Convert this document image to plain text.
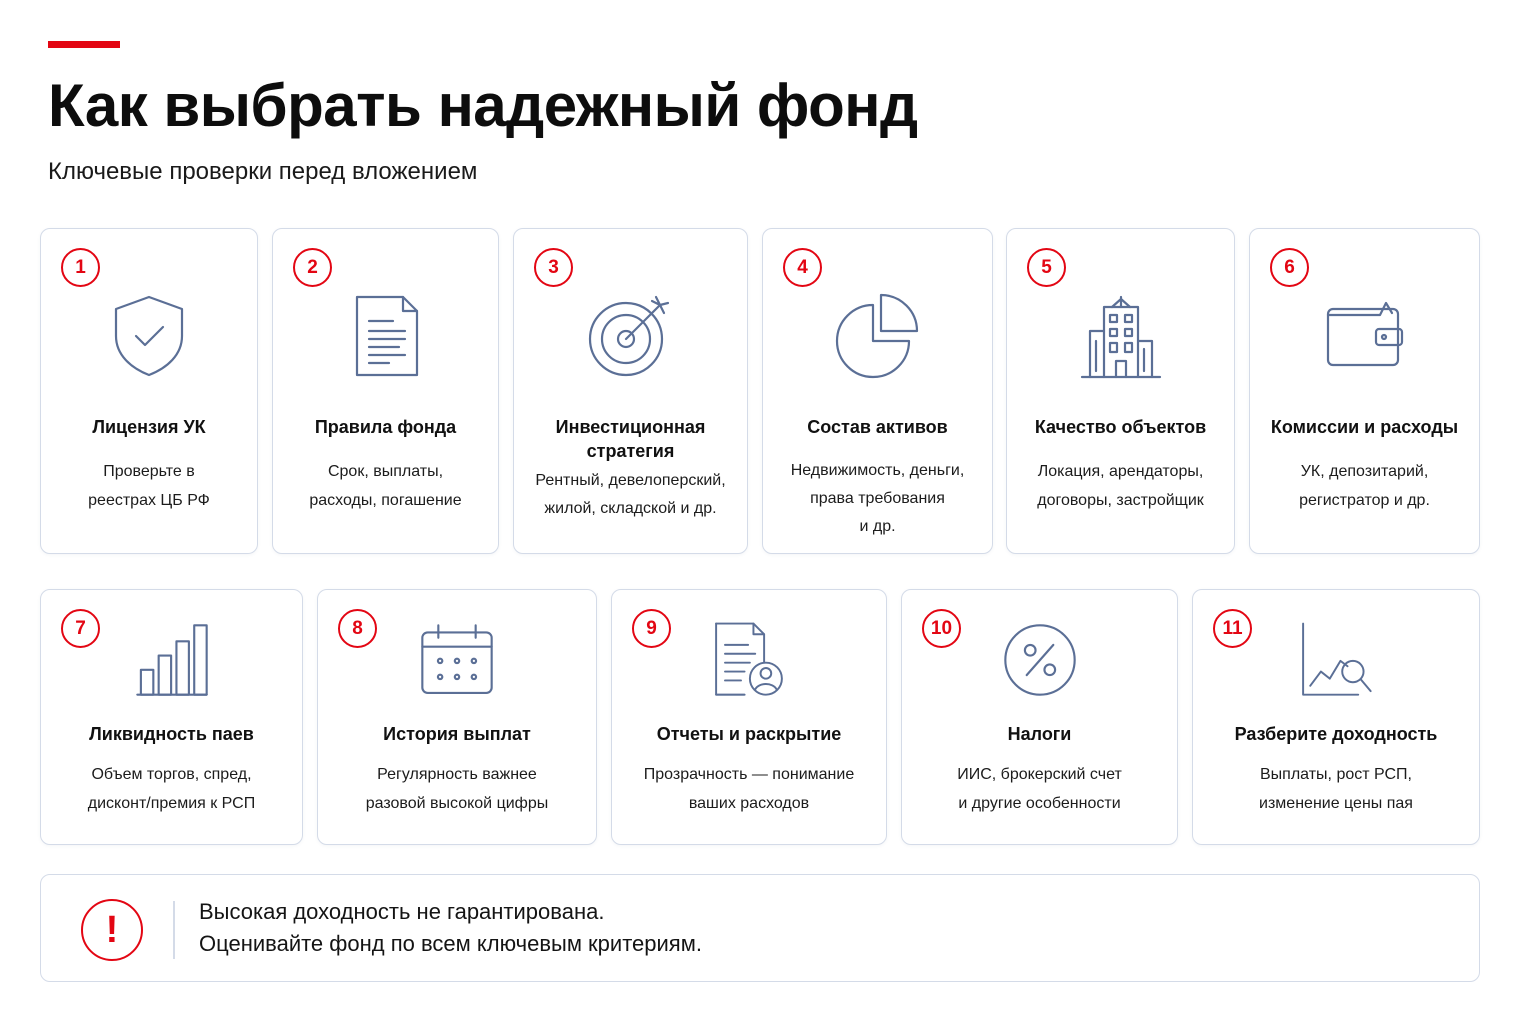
Как выбрать надежный фонд
Ключевые проверки перед вложением
1
Лицензия УК
Проверьте в
реестрах ЦБ РФ
2
Правила фонда
Срок, выплаты,
расходы, погашение
3
Инвестиционная
стратегия
Рентный, девелоперский,
жилой, складской и др.
4
Состав активов
Недвижимость, деньги,
права требования
и др.
5
Качество объектов
Локация, арендаторы,
договоры, застройщик
6
Комиссии и расходы
УК, депозитарий,
регистратор и др.
7
Ликвидность паев
Объем торгов, спред,
дисконт/премия к РСП
8
История выплат
Регулярность важнее
разовой высокой цифры
9
Отчеты и раскрытие
Прозрачность — понимание
ваших расходов
10
Налоги
ИИС, брокерский счет
и другие особенности
11
Разберите доходность
Выплаты, рост РСП,
изменение цены пая
!	Высокая доходность не гарантирована.
Оценивайте фонд по всем ключевым критериям.
